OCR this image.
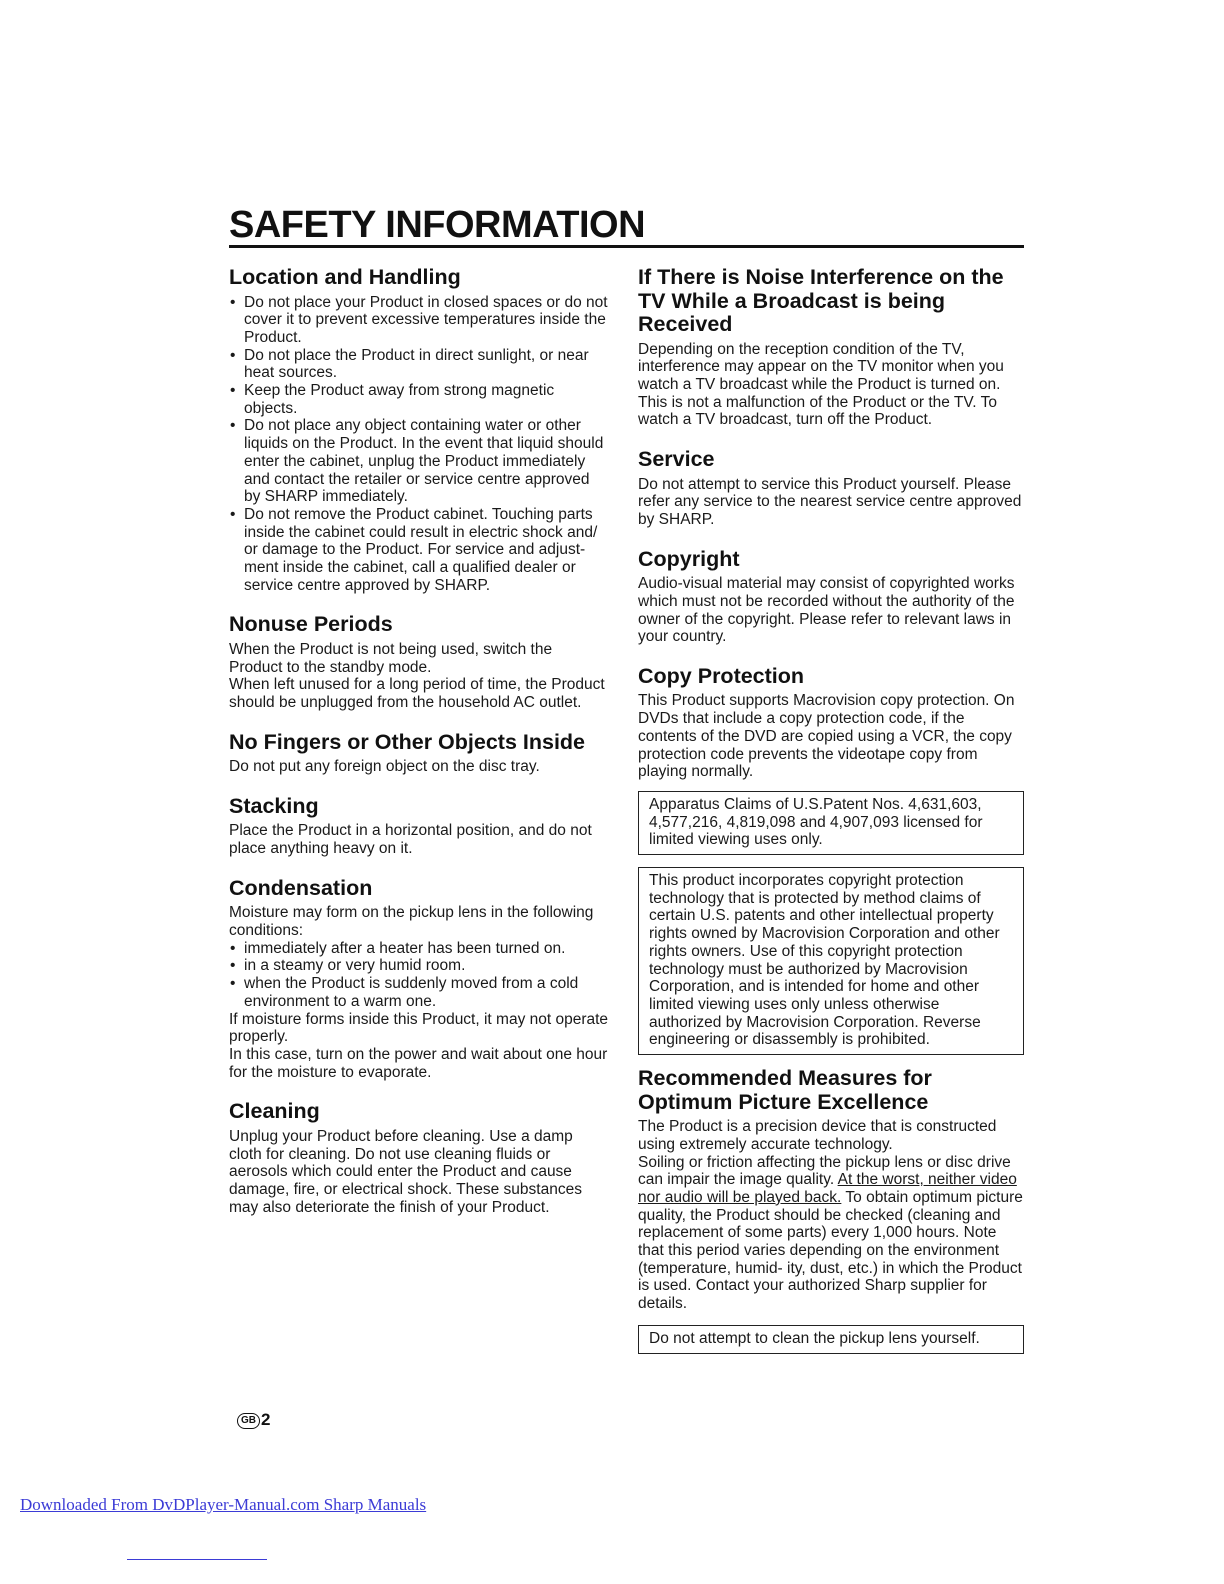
SAFETY INFORMATION
Location and Handling
• Do not place your Product in closed spaces or do not cover it to prevent excessive temperatures inside the Product.
• Do not place the Product in direct sunlight, or near heat sources.
• Keep the Product away from strong magnetic objects.
• Do not place any object containing water or other liquids on the Product. In the event that liquid should enter the cabinet, unplug the Product immediately and contact the retailer or service centre approved by SHARP immediately.
• Do not remove the Product cabinet. Touching parts inside the cabinet could result in electric shock and/ or damage to the Product. For service and adjust- ment inside the cabinet, call a qualified dealer or service centre approved by SHARP.
Nonuse Periods

When the Product is not being used, switch the Product to the standby mode.

When left unused for a long period of time, the Product should be unplugged from the household AC outlet.

No Fingers or Other Objects Inside

Do not put any foreign object on the disc tray.

Stacking

Place the Product in a horizontal position, and do not place anything heavy on it.

Condensation

Moisture may form on the pickup lens in the following conditions:

• immediately after a heater has been turned on.
• in a steamy or very humid room.
• when the Product is suddenly moved from a cold environment to a warm one.

If moisture forms inside this Product, it may not operate properly.

In this case, turn on the power and wait about one hour for the moisture to evaporate.

Cleaning

Unplug your Product before cleaning. Use a damp cloth for cleaning. Do not use cleaning fluids or aerosols which could enter the Product and cause damage, fire, or electrical shock. These substances may also deteriorate the finish of your Product.

If There is Noise Interference on the TV While a Broadcast is being Received

Depending on the reception condition of the TV, interference may appear on the TV monitor when you watch a TV broadcast while the Product is turned on. This is not a malfunction of the Product or the TV. To watch a TV broadcast, turn off the Product.

Service

Do not attempt to service this Product yourself. Please refer any service to the nearest service centre approved by SHARP.

Copyright

Audio-visual material may consist of copyrighted works which must not be recorded without the authority of the owner of the copyright. Please refer to relevant laws in your country.

Copy Protection

This Product supports Macrovision copy protection. On DVDs that include a copy protection code, if the contents of the DVD are copied using a VCR, the copy protection code prevents the videotape copy from playing normally.

Apparatus Claims of U.S.Patent Nos. 4,631,603, 4,577,216, 4,819,098 and 4,907,093 licensed for limited viewing uses only.
This product incorporates copyright protection technology that is protected by method claims of certain U.S. patents and other intellectual property rights owned by Macrovision Corporation and other rights owners. Use of this copyright protection technology must be authorized by Macrovision Corporation, and is intended for home and other limited viewing uses only unless otherwise authorized by Macrovision Corporation. Reverse engineering or disassembly is prohibited.
Recommended Measures for Optimum Picture Excellence

The Product is a precision device that is constructed using extremely accurate technology.

Soiling or friction affecting the pickup lens or disc drive can impair the image quality. At the worst, neither video nor audio will be played back. To obtain optimum picture quality, the Product should be checked (cleaning and replacement of some parts) every 1,000 hours. Note that this period varies depending on the environment (temperature, humid- ity, dust, etc.) in which the Product is used. Contact your authorized Sharp supplier for details.

Do not attempt to clean the pickup lens yourself.
GB 2
Downloaded From DvDPlayer-Manual.com Sharp Manuals
